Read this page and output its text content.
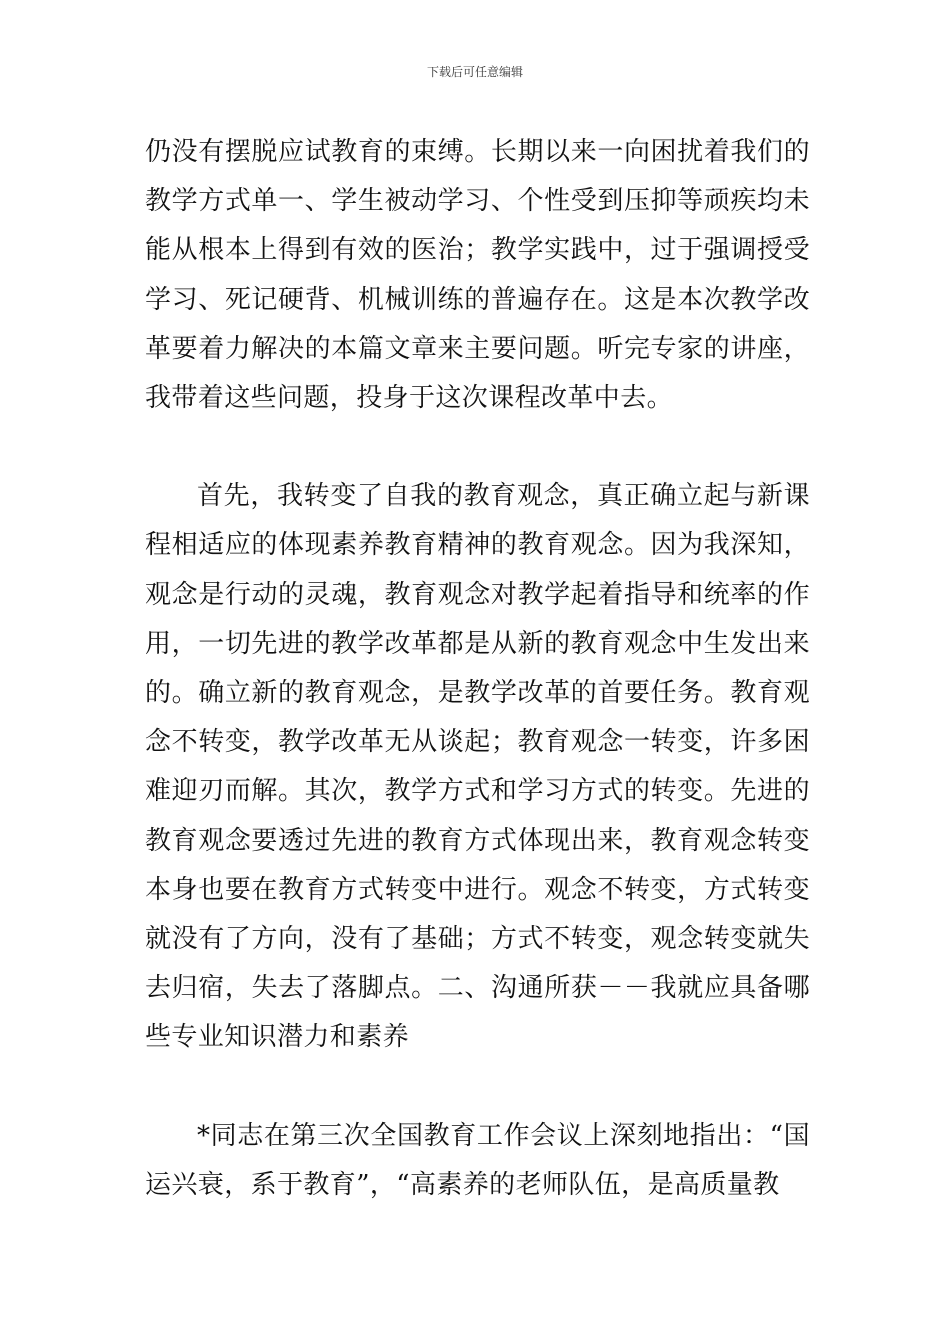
下载后可任意编辑

仍没有摆脱应试教育的束缚。长期以来一向困扰着我们的教学方式单一、学生被动学习、个性受到压抑等顽疾均未能从根本上得到有效的医治；教学实践中，过于强调授受学习、死记硬背、机械训练的普遍存在。这是本次教学改革要着力解决的本篇文章来主要问题。听完专家的讲座，我带着这些问题，投身于这次课程改革中去。

首先，我转变了自我的教育观念，真正确立起与新课程相适应的体现素养教育精神的教育观念。因为我深知，观念是行动的灵魂，教育观念对教学起着指导和统率的作用，一切先进的教学改革都是从新的教育观念中生发出来的。确立新的教育观念，是教学改革的首要任务。教育观念不转变，教学改革无从谈起；教育观念一转变，许多困难迎刃而解。其次，教学方式和学习方式的转变。先进的教育观念要透过先进的教育方式体现出来，教育观念转变本身也要在教育方式转变中进行。观念不转变，方式转变就没有了方向，没有了基础；方式不转变，观念转变就失去归宿，失去了落脚点。二、沟通所获－－我就应具备哪些专业知识潜力和素养

*同志在第三次全国教育工作会议上深刻地指出：“国运兴衰，系于教育”，“高素养的老师队伍，是高质量教
